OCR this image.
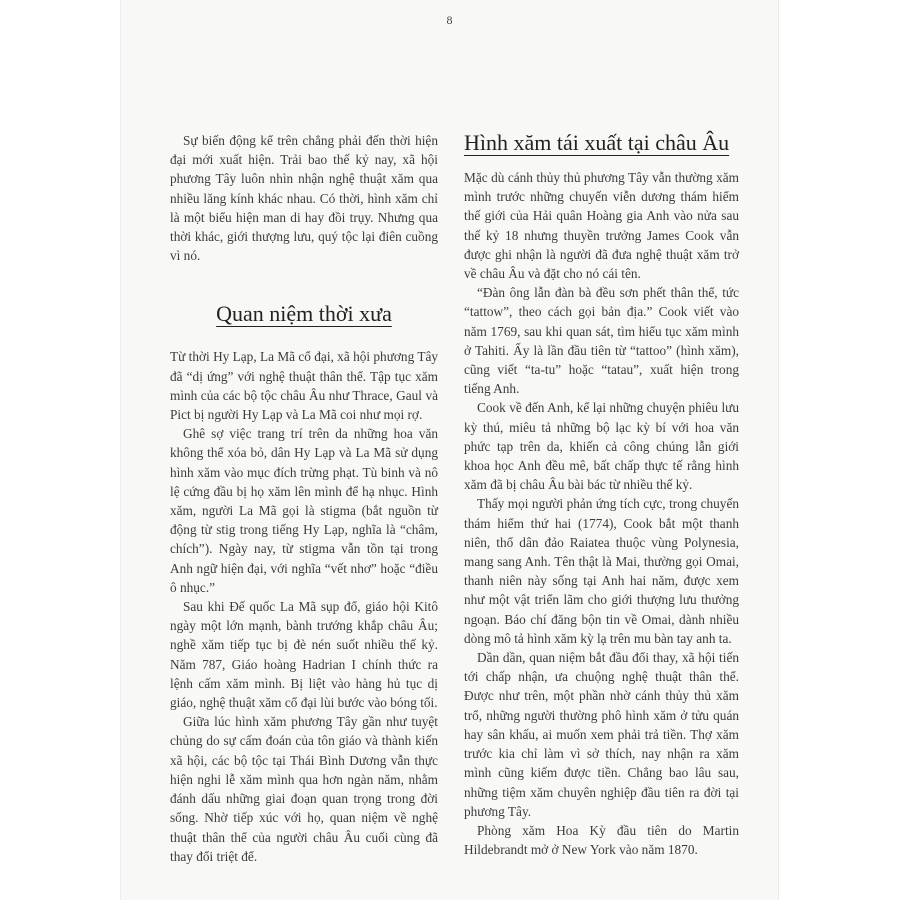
8

Sự biến động kể trên chẳng phải đến thời hiện đại mới xuất hiện. Trải bao thế kỷ nay, xã hội phương Tây luôn nhìn nhận nghệ thuật xăm qua nhiều lăng kính khác nhau. Có thời, hình xăm chỉ là một biểu hiện man di hay đồi trụy. Nhưng qua thời khác, giới thượng lưu, quý tộc lại điên cuồng vì nó.

Quan niệm thời xưa

Từ thời Hy Lạp, La Mã cổ đại, xã hội phương Tây đã “dị ứng” với nghệ thuật thân thể. Tập tục xăm mình của các bộ tộc châu Âu như Thrace, Gaul và Pict bị người Hy Lạp và La Mã coi như mọi rợ.

Ghê sợ việc trang trí trên da những hoa văn không thể xóa bỏ, dân Hy Lạp và La Mã sử dụng hình xăm vào mục đích trừng phạt. Tù binh và nô lệ cứng đầu bị họ xăm lên mình để hạ nhục. Hình xăm, người La Mã gọi là stigma (bắt nguồn từ động từ stig trong tiếng Hy Lạp, nghĩa là “châm, chích”). Ngày nay, từ stigma vẫn tồn tại trong Anh ngữ hiện đại, với nghĩa “vết nhơ” hoặc “điều ô nhục.”

Sau khi Đế quốc La Mã sụp đổ, giáo hội Kitô ngày một lớn mạnh, bành trướng khắp châu Âu; nghề xăm tiếp tục bị đè nén suốt nhiều thế kỷ. Năm 787, Giáo hoàng Hadrian I chính thức ra lệnh cấm xăm mình. Bị liệt vào hàng hủ tục dị giáo, nghệ thuật xăm cổ đại lùi bước vào bóng tối.

Giữa lúc hình xăm phương Tây gần như tuyệt chủng do sự cấm đoán của tôn giáo và thành kiến xã hội, các bộ tộc tại Thái Bình Dương vẫn thực hiện nghi lễ xăm mình qua hơn ngàn năm, nhằm đánh dấu những giai đoạn quan trọng trong đời sống. Nhờ tiếp xúc với họ, quan niệm về nghệ thuật thân thể của người châu Âu cuối cùng đã thay đổi triệt để.

Hình xăm tái xuất tại châu Âu

Mặc dù cánh thủy thủ phương Tây vẫn thường xăm mình trước những chuyến viễn dương thám hiểm thế giới của Hải quân Hoàng gia Anh vào nửa sau thế kỷ 18 nhưng thuyền trưởng James Cook vẫn được ghi nhận là người đã đưa nghệ thuật xăm trở về châu Âu và đặt cho nó cái tên.

“Đàn ông lẫn đàn bà đều sơn phết thân thể, tức “tattow”, theo cách gọi bản địa.” Cook viết vào năm 1769, sau khi quan sát, tìm hiểu tục xăm mình ở Tahiti. Ấy là lần đầu tiên từ “tattoo” (hình xăm), cũng viết “ta-tu” hoặc “tatau”, xuất hiện trong tiếng Anh.

Cook về đến Anh, kể lại những chuyện phiêu lưu kỳ thú, miêu tả những bộ lạc kỳ bí với hoa văn phức tạp trên da, khiến cả công chúng lẫn giới khoa học Anh đều mê, bất chấp thực tế rằng hình xăm đã bị châu Âu bài bác từ nhiều thế kỷ.

Thấy mọi người phản ứng tích cực, trong chuyến thám hiểm thứ hai (1774), Cook bắt một thanh niên, thổ dân đảo Raiatea thuộc vùng Polynesia, mang sang Anh. Tên thật là Mai, thường gọi Omai, thanh niên này sống tại Anh hai năm, được xem như một vật triển lãm cho giới thượng lưu thưởng ngoạn. Báo chí đăng bộn tin về Omai, dành nhiều dòng mô tả hình xăm kỳ lạ trên mu bàn tay anh ta.

Dần dần, quan niệm bắt đầu đổi thay, xã hội tiến tới chấp nhận, ưa chuộng nghệ thuật thân thể. Được như trên, một phần nhờ cánh thủy thủ xăm trổ, những người thường phô hình xăm ở tửu quán hay sân khấu, ai muốn xem phải trả tiền. Thợ xăm trước kia chỉ làm vì sở thích, nay nhận ra xăm mình cũng kiếm được tiền. Chẳng bao lâu sau, những tiệm xăm chuyên nghiệp đầu tiên ra đời tại phương Tây.

Phòng xăm Hoa Kỳ đầu tiên do Martin Hildebrandt mở ở New York vào năm 1870.
